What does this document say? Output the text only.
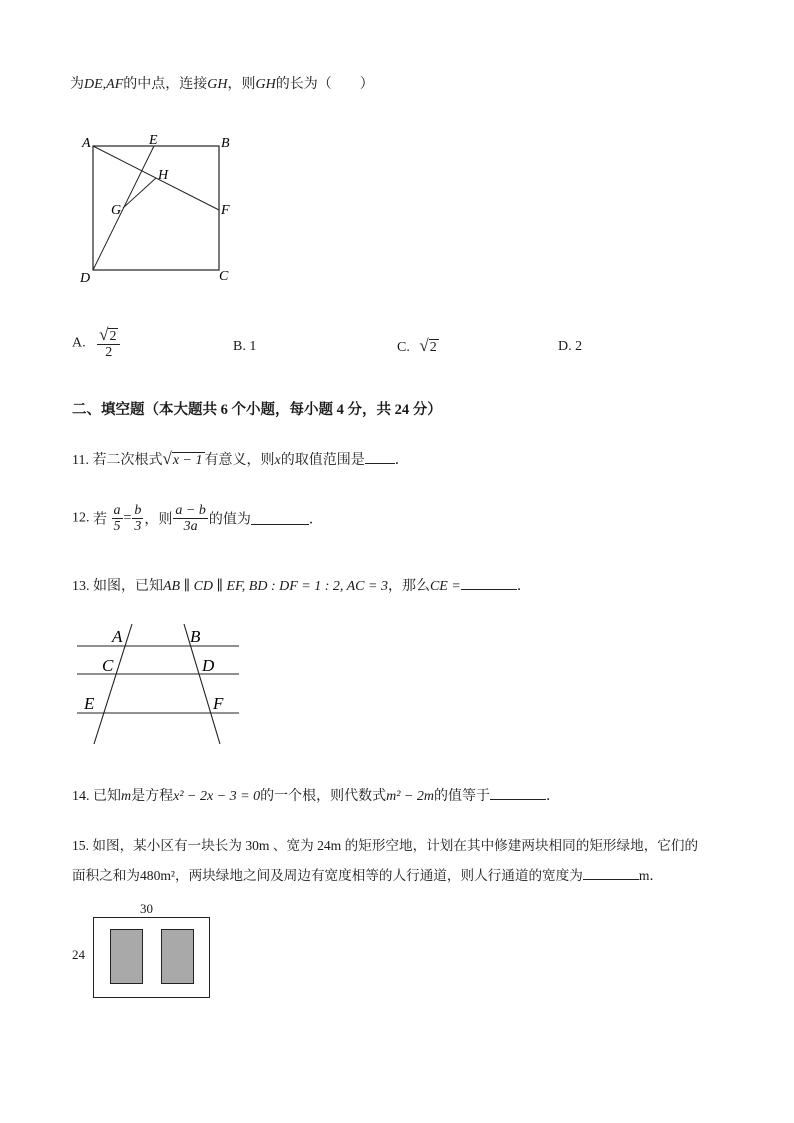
为DE,AF的中点，连接GH，则GH的长为（　　）
A	B
C
D
E
F
G
H
A. $\frac{√2}{2}$	B. 1	C. √2	D. 2
二、填空题（本大题共 6 个小题，每小题 4 分，共 24 分）
11. 若二次根式√x − 1 有意义，则x的取值范围是 ．
12. 若 $\frac{a}{5} = \frac{b}{3}$ ，则 $\frac{a - b}{3a}$ 的值为	．
13. 如图，已知AB ∥ CD ∥ EF, BD : DF = 1 : 2, AC = 3，那么CE =	．
A	B
C	D
E	F
14. 已知m是方程x² − 2x − 3 = 0的一个根，则代数式m² − 2m的值等于	．
15. 如图，某小区有一块长为 30m 、宽为 24m 的矩形空地，计划在其中修建两块相同的矩形绿地，它们的
面积之和为480m²，两块绿地之间及周边有宽度相等的人行通道，则人行通道的宽度为	m．
30
24
